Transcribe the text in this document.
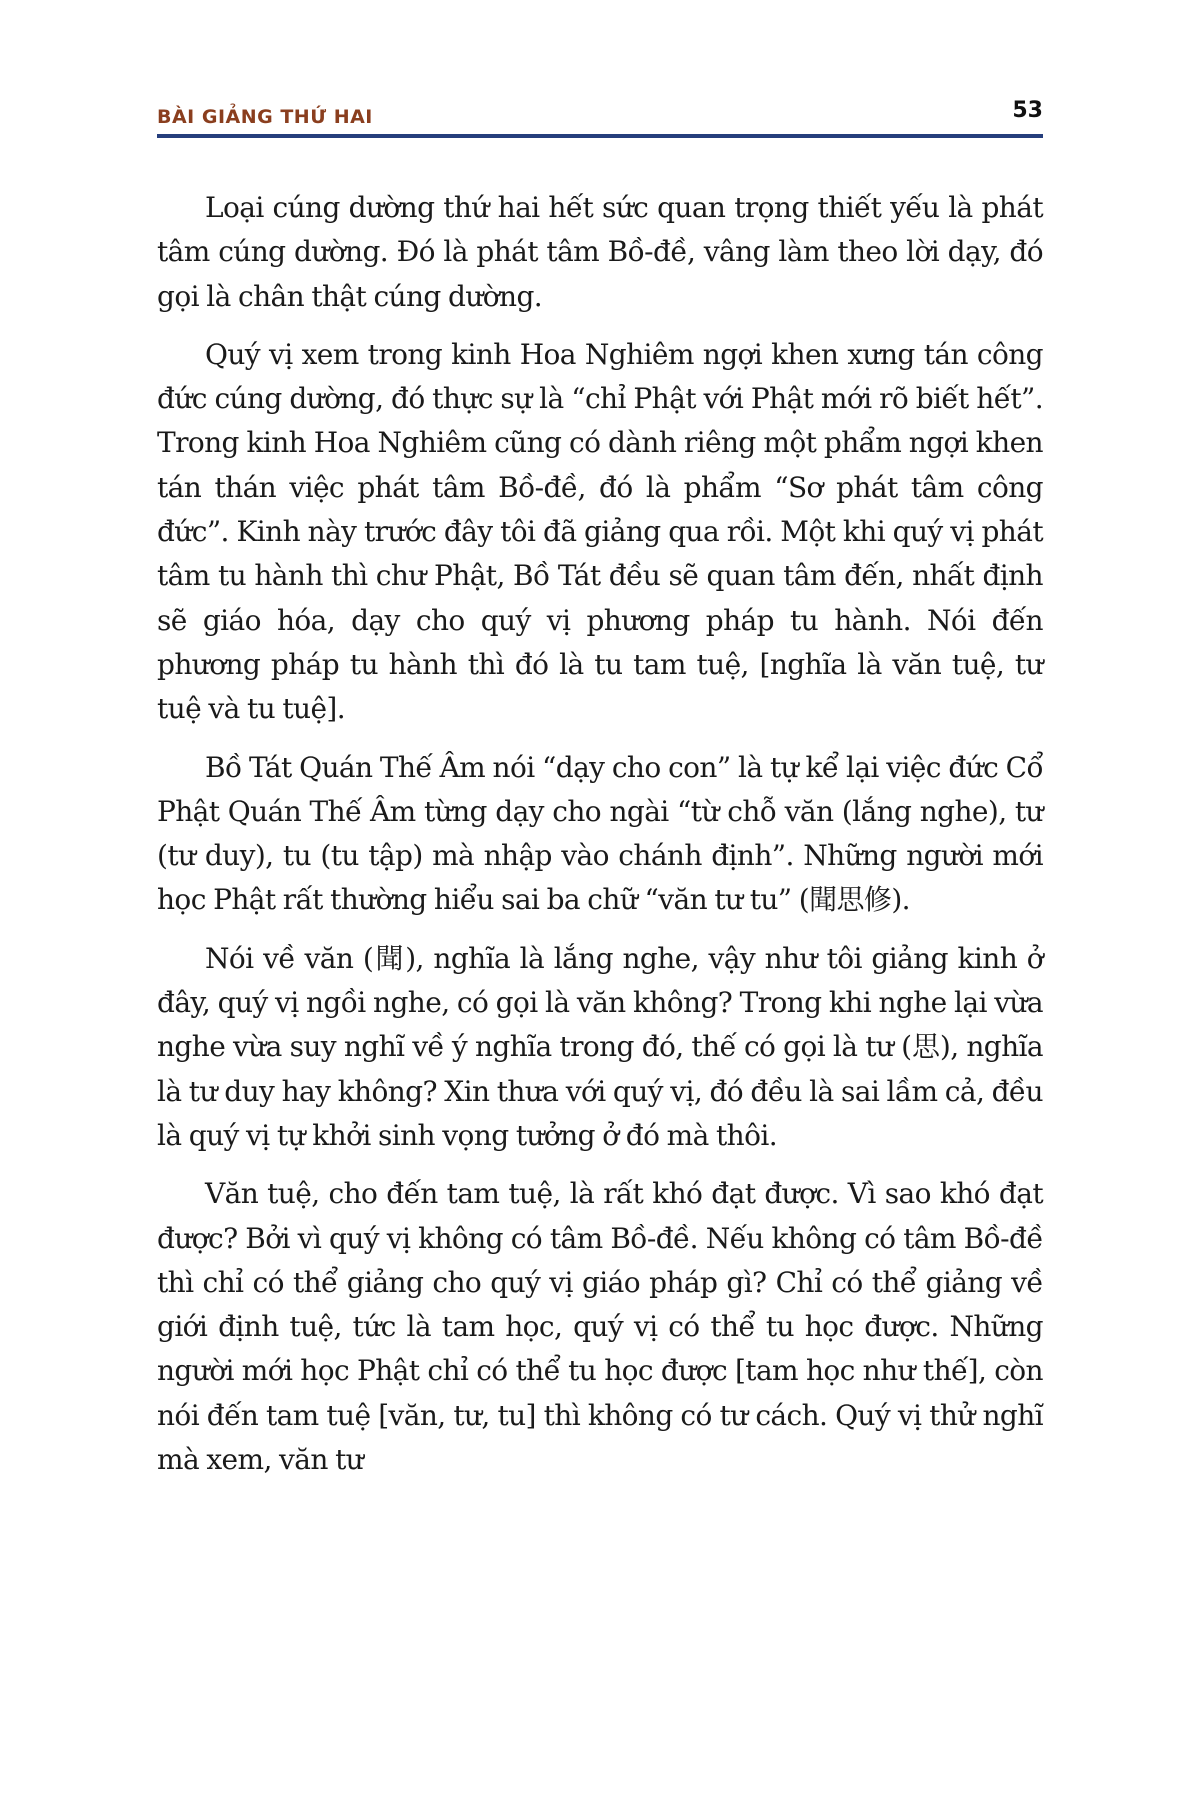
BÀI GIẢNG THỨ HAI	53

Loại cúng dường thứ hai hết sức quan trọng thiết yếu là phát tâm cúng dường. Đó là phát tâm Bồ-đề, vâng làm theo lời dạy, đó gọi là chân thật cúng dường.

Quý vị xem trong kinh Hoa Nghiêm ngợi khen xưng tán công đức cúng dường, đó thực sự là “chỉ Phật với Phật mới rõ biết hết”. Trong kinh Hoa Nghiêm cũng có dành riêng một phẩm ngợi khen tán thán việc phát tâm Bồ-đề, đó là phẩm “Sơ phát tâm công đức”. Kinh này trước đây tôi đã giảng qua rồi. Một khi quý vị phát tâm tu hành thì chư Phật, Bồ Tát đều sẽ quan tâm đến, nhất định sẽ giáo hóa, dạy cho quý vị phương pháp tu hành. Nói đến phương pháp tu hành thì đó là tu tam tuệ, [nghĩa là văn tuệ, tư tuệ và tu tuệ].

Bồ Tát Quán Thế Âm nói “dạy cho con” là tự kể lại việc đức Cổ Phật Quán Thế Âm từng dạy cho ngài “từ chỗ văn (lắng nghe), tư (tư duy), tu (tu tập) mà nhập vào chánh định”. Những người mới học Phật rất thường hiểu sai ba chữ “văn tư tu” (聞思修).

Nói về văn (聞), nghĩa là lắng nghe, vậy như tôi giảng kinh ở đây, quý vị ngồi nghe, có gọi là văn không? Trong khi nghe lại vừa nghe vừa suy nghĩ về ý nghĩa trong đó, thế có gọi là tư (思), nghĩa là tư duy hay không? Xin thưa với quý vị, đó đều là sai lầm cả, đều là quý vị tự khởi sinh vọng tưởng ở đó mà thôi.

Văn tuệ, cho đến tam tuệ, là rất khó đạt được. Vì sao khó đạt được? Bởi vì quý vị không có tâm Bồ-đề. Nếu không có tâm Bồ-đề thì chỉ có thể giảng cho quý vị giáo pháp gì? Chỉ có thể giảng về giới định tuệ, tức là tam học, quý vị có thể tu học được. Những người mới học Phật chỉ có thể tu học được [tam học như thế], còn nói đến tam tuệ [văn, tư, tu] thì không có tư cách. Quý vị thử nghĩ mà xem, văn tư
